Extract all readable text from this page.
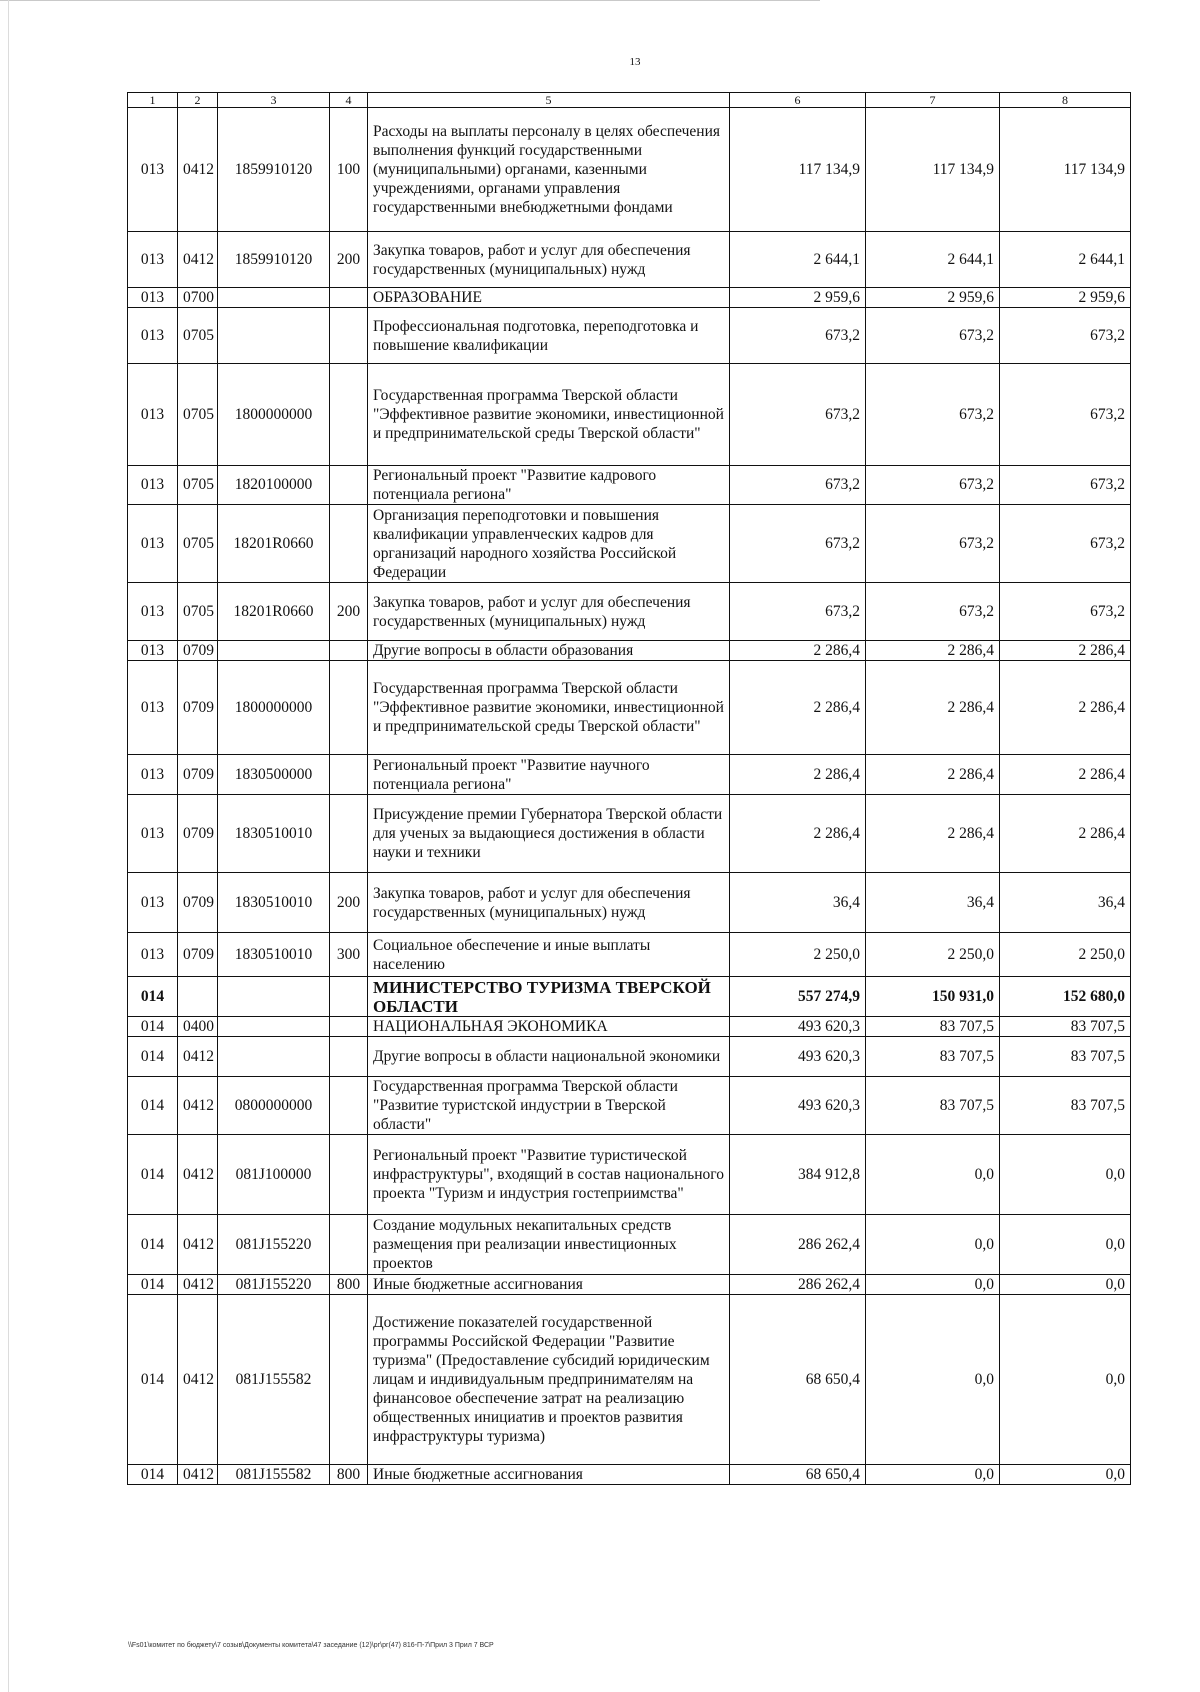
13
1	2	3	4	5	6	7	8
013	0412	1859910120	100	Расходы на выплаты персоналу в целях обеспечения выполнения функций государственными (муниципальными) органами, казенными учреждениями, органами управления государственными внебюджетными фондами	117 134,9	117 134,9	117 134,9
013	0412	1859910120	200	Закупка товаров, работ и услуг для обеспечения государственных (муниципальных) нужд	2 644,1	2 644,1	2 644,1
013	0700			ОБРАЗОВАНИЕ	2 959,6	2 959,6	2 959,6
013	0705			Профессиональная подготовка, переподготовка и повышение квалификации	673,2	673,2	673,2
013	0705	1800000000		Государственная программа Тверской области "Эффективное развитие экономики, инвестиционной и предпринимательской среды Тверской области"	673,2	673,2	673,2
013	0705	1820100000		Региональный проект "Развитие кадрового потенциала региона"	673,2	673,2	673,2
013	0705	18201R0660		Организация переподготовки и повышения квалификации управленческих кадров для организаций народного хозяйства Российской Федерации	673,2	673,2	673,2
013	0705	18201R0660	200	Закупка товаров, работ и услуг для обеспечения государственных (муниципальных) нужд	673,2	673,2	673,2
013	0709			Другие вопросы в области образования	2 286,4	2 286,4	2 286,4
013	0709	1800000000		Государственная программа Тверской области "Эффективное развитие экономики, инвестиционной и предпринимательской среды Тверской области"	2 286,4	2 286,4	2 286,4
013	0709	1830500000		Региональный проект "Развитие научного потенциала региона"	2 286,4	2 286,4	2 286,4
013	0709	1830510010		Присуждение премии Губернатора Тверской области для ученых за выдающиеся достижения в области науки и техники	2 286,4	2 286,4	2 286,4
013	0709	1830510010	200	Закупка товаров, работ и услуг для обеспечения государственных (муниципальных) нужд	36,4	36,4	36,4
013	0709	1830510010	300	Социальное обеспечение и иные выплаты населению	2 250,0	2 250,0	2 250,0
014				МИНИСТЕРСТВО ТУРИЗМА ТВЕРСКОЙ ОБЛАСТИ	557 274,9	150 931,0	152 680,0
014	0400			НАЦИОНАЛЬНАЯ ЭКОНОМИКА	493 620,3	83 707,5	83 707,5
014	0412			Другие вопросы в области национальной экономики	493 620,3	83 707,5	83 707,5
014	0412	0800000000		Государственная программа Тверской области "Развитие туристской индустрии в Тверской области"	493 620,3	83 707,5	83 707,5
014	0412	081J100000		Региональный проект "Развитие туристической инфраструктуры", входящий в состав национального проекта "Туризм и индустрия гостеприимства"	384 912,8	0,0	0,0
014	0412	081J155220		Создание модульных некапитальных средств размещения при реализации инвестиционных проектов	286 262,4	0,0	0,0
014	0412	081J155220	800	Иные бюджетные ассигнования	286 262,4	0,0	0,0
014	0412	081J155582		Достижение показателей государственной программы Российской Федерации "Развитие туризма" (Предоставление субсидий юридическим лицам и индивидуальным предпринимателям на финансовое обеспечение затрат на реализацию общественных инициатив и проектов развития инфраструктуры туризма)	68 650,4	0,0	0,0
014	0412	081J155582	800	Иные бюджетные ассигнования	68 650,4	0,0	0,0
\\Fs01\комитет по бюджету\7 созыв\Документы комитета\47 заседание (12)\рг\рг(47) 816-П-7\Прил 3 Прил 7 ВСР
